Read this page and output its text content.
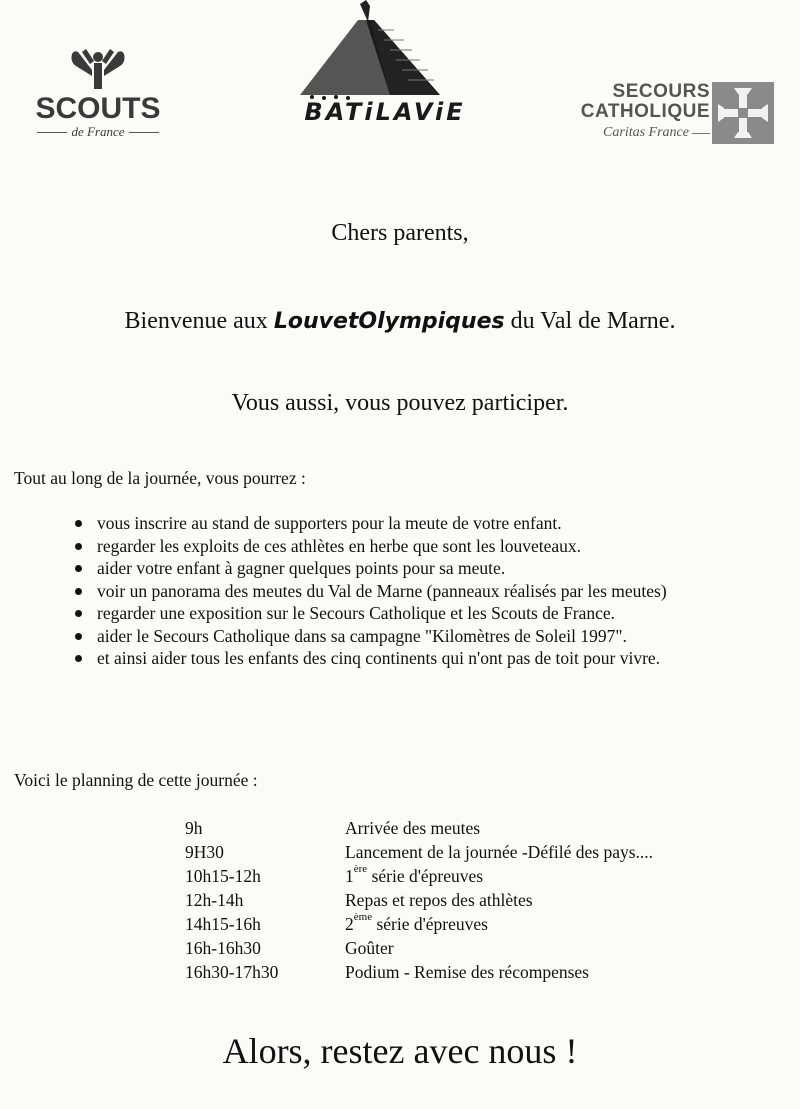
SCOUTS
de France
BATiLAViE
SECOURS
CATHOLIQUE
Caritas France
Chers parents,
Bienvenue aux LouvetOlympiques du Val de Marne.
Vous aussi, vous pouvez participer.
Tout au long de la journée, vous pourrez :
vous inscrire au stand de supporters pour la meute de votre enfant.
regarder les exploits de ces athlètes en herbe que sont les louveteaux.
aider votre enfant à gagner quelques points pour sa meute.
voir un panorama des meutes du Val de Marne (panneaux réalisés par les meutes)
regarder une exposition sur le Secours Catholique et les Scouts de France.
aider le Secours Catholique dans sa campagne "Kilomètres de Soleil 1997".
et ainsi aider tous les enfants des cinq continents qui n'ont pas de toit pour vivre.
Voici le planning de cette journée :
9h	Arrivée des meutes
9H30	Lancement de la journée -Défilé des pays....
10h15-12h	1ère série d'épreuves
12h-14h	Repas et repos des athlètes
14h15-16h	2ème série d'épreuves
16h-16h30	Goûter
16h30-17h30	Podium - Remise des récompenses
Alors, restez avec nous !
